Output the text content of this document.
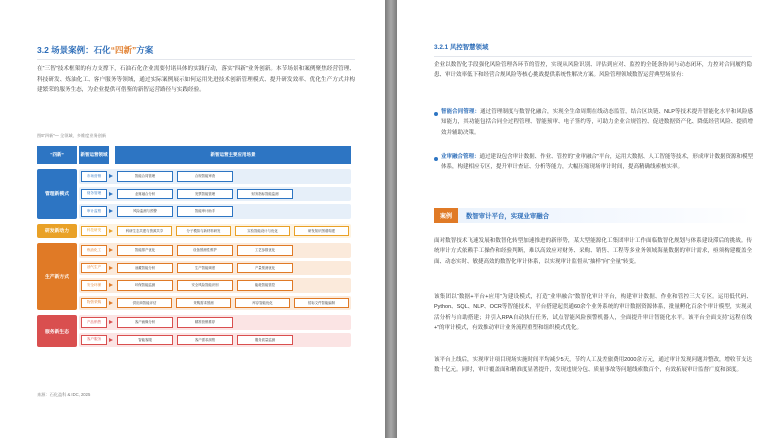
3.2 场景案例：石化“四新”方案
在“三智”技术框架的有力支撑下，石油石化企业需要付诸具体的实践行动，落实“四新”业务创新。本节场景和案例聚焦经营管理、科技研发、炼油化工、客户服务等领域，通过实际案例展示如何运用先进技术创新管理模式、提升研发效率、优化生产方式并构建繁荣的服务生态，为企业提供可借鉴的新智运营路径与实践经验。
图5“四新”— 全领域、多维度业务创新
“四新”	新智运营领域	新智运营主要应用场景
管理新模式
市场营销	智能合同管理	合规智能审查
财务管理	业财融合分析	发票智能管理	财务指标智能监测
审计监察	风险监测与预警	智能审计助手
研发新动力	科技研发	科研生态共建与资源共享	分子模拟与新材料研发	实验智能设计与优化	研发知识图谱构建
生产新方式
炼油化工	智能排产优化	设备预测性维护	工艺参数优化
油气生产	油藏智能分析	生产智能调度	产量预测优化
安全环保	环保智能监测	安全风险智能识别	能耗智能管控
物资采购	供应商智能评估	采购需求预测	库存智能优化	招标文件智能编制
服务新生态
产品销售	客户画像分析	精准营销推荐
客户服务	智能客服	客户需求洞察	服务质量监测
来源：石化盈科 & IDC, 2025
3.2.1 风控智慧领域
企业以数智化手段强化风险管理各环节的管控，实现从风险识别、评估到应对、监控的全链条协同与动态闭环，力控对合同履约隐患、审计效率低下和经营合规风险等核心挑战提供系统性解决方案。风险管理领域数智运营典型场景有：
智能合同管理：通过管理制度与数智化融合，实现全生命周期在线动态监管，结合区块链、NLP等技术提升智能化水平和风险感知能力，其功能包括合同全过程管理、智能预审、电子签约等，可助力企业合规管控、促进数据资产化、降低经营风险、提质增效并辅助决策。
业审融合管理：通过建设包含审计数据、作业、管控的“业审融合”平台，运用大数据、人工智能等技术，形成审计数据资源和模型体系，构建相应专区，提升审计查证、分析等能力，大幅压缩现场审计时间，提高精确线索核实率。
案例	数智审计平台，实现业审融合
面对数智技术飞速发展和数智化转型加速推进的新形势，某大型能源化工集团审计工作面临数智化规划与体系建设滞后的挑战。传统审计方式依赖手工操作和经验判断，难以高效应对财务、采购、销售、工程等多业务领域海量数据的审计需求，亟须构建覆盖全面、动态实时、敏捷高效的数智化审计体系，以实现审计监督从“抽样”向“全量”转变。
该集团以“数据+平台+应用”为建设模式，打造“业审融合”数智化审计平台，构建审计数据、作业和管控三大专区。运用低代码、Python、SQL、NLP、OCR等智能技术，平台搭建起贯通60余个业务系统的审计数据资源体系，批量孵化百余个审计模型，实现灵活分析与自助搭建；并引入RPA自动执行任务，试点智能风险预警机器人，全面提升审计智能化水平。该平台全面支持“远程在线+”的审计模式，有效推动审计业务流程重塑和组织模式优化。
该平台上线后，实现审计项目现场实施时间平均减少5天，节约人工及差旅费用2000余万元，通过审计发现问题并整改，增收节支达数十亿元。同时，审计覆盖面和精准度显著提升，发现违规分包、质量事故等问题线索数百个，有效拓展审计监督广度和深度。
